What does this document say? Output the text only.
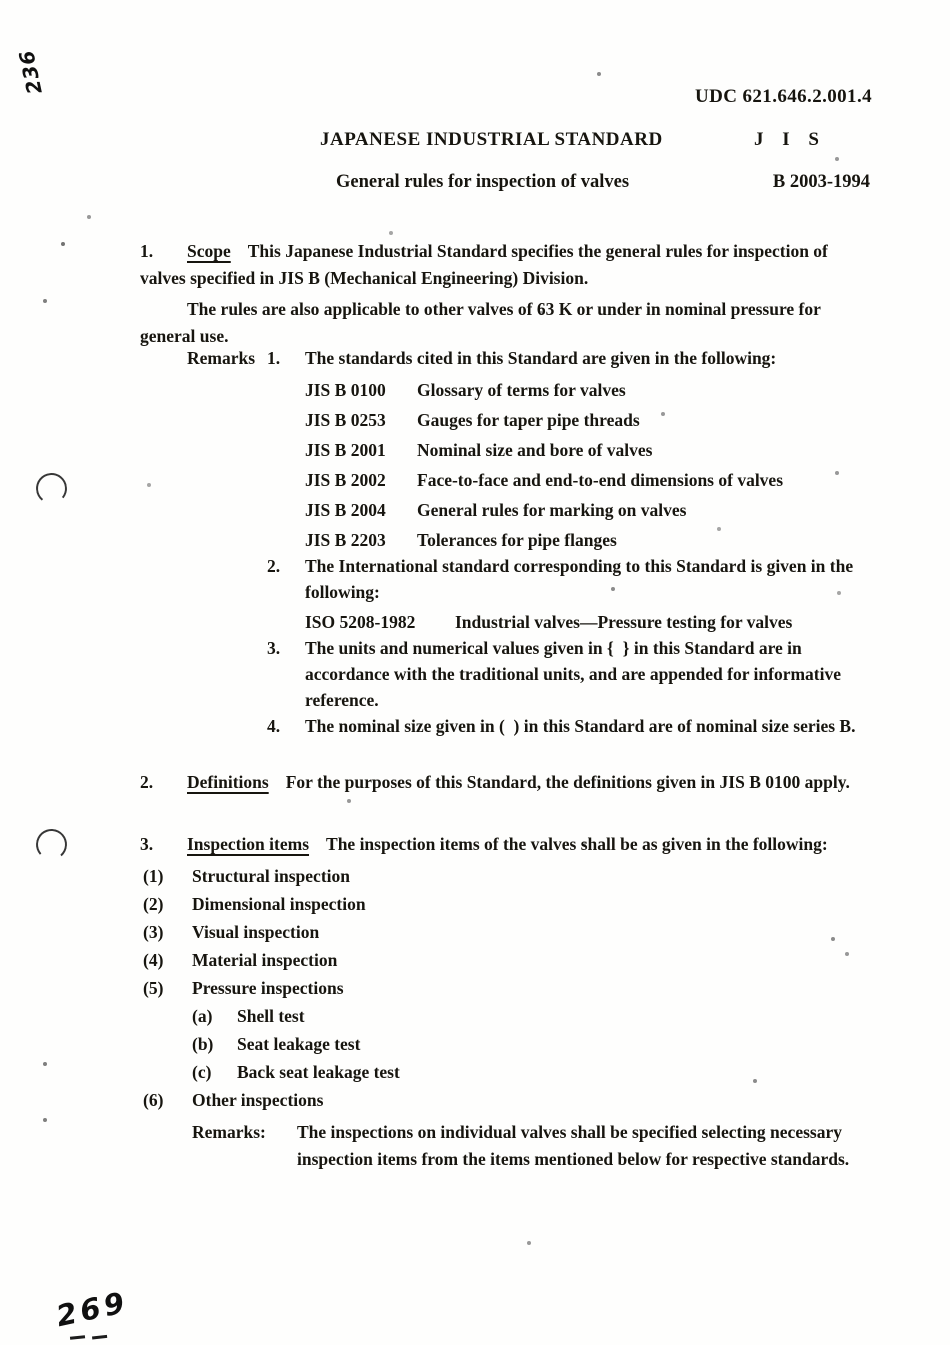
236
UDC 621.646.2.001.4
JAPANESE INDUSTRIAL STANDARD	J I S
General rules for inspection of valves	B 2003-1994
1. Scope This Japanese Industrial Standard specifies the general rules for inspection of valves specified in JIS B (Mechanical Engineering) Division.
The rules are also applicable to other valves of 63 K or under in nominal pressure for general use.
Remarks 1. The standards cited in this Standard are given in the following:
JIS B 0100 Glossary of terms for valves
JIS B 0253 Gauges for taper pipe threads
JIS B 2001 Nominal size and bore of valves
JIS B 2002 Face-to-face and end-to-end dimensions of valves
JIS B 2004 General rules for marking on valves
JIS B 2203 Tolerances for pipe flanges
2. The International standard corresponding to this Standard is given in the following:
ISO 5208-1982 Industrial valves—Pressure testing for valves
3. The units and numerical values given in {  } in this Standard are in accordance with the traditional units, and are appended for informative reference.
4. The nominal size given in (  ) in this Standard are of nominal size series B.
2. Definitions For the purposes of this Standard, the definitions given in JIS B 0100 apply.
3. Inspection items The inspection items of the valves shall be as given in the following:
(1) Structural inspection
(2) Dimensional inspection
(3) Visual inspection
(4) Material inspection
(5) Pressure inspections
(a) Shell test
(b) Seat leakage test
(c) Back seat leakage test
(6) Other inspections
Remarks: The inspections on individual valves shall be specified selecting necessary inspection items from the items mentioned below for respective standards.
269
